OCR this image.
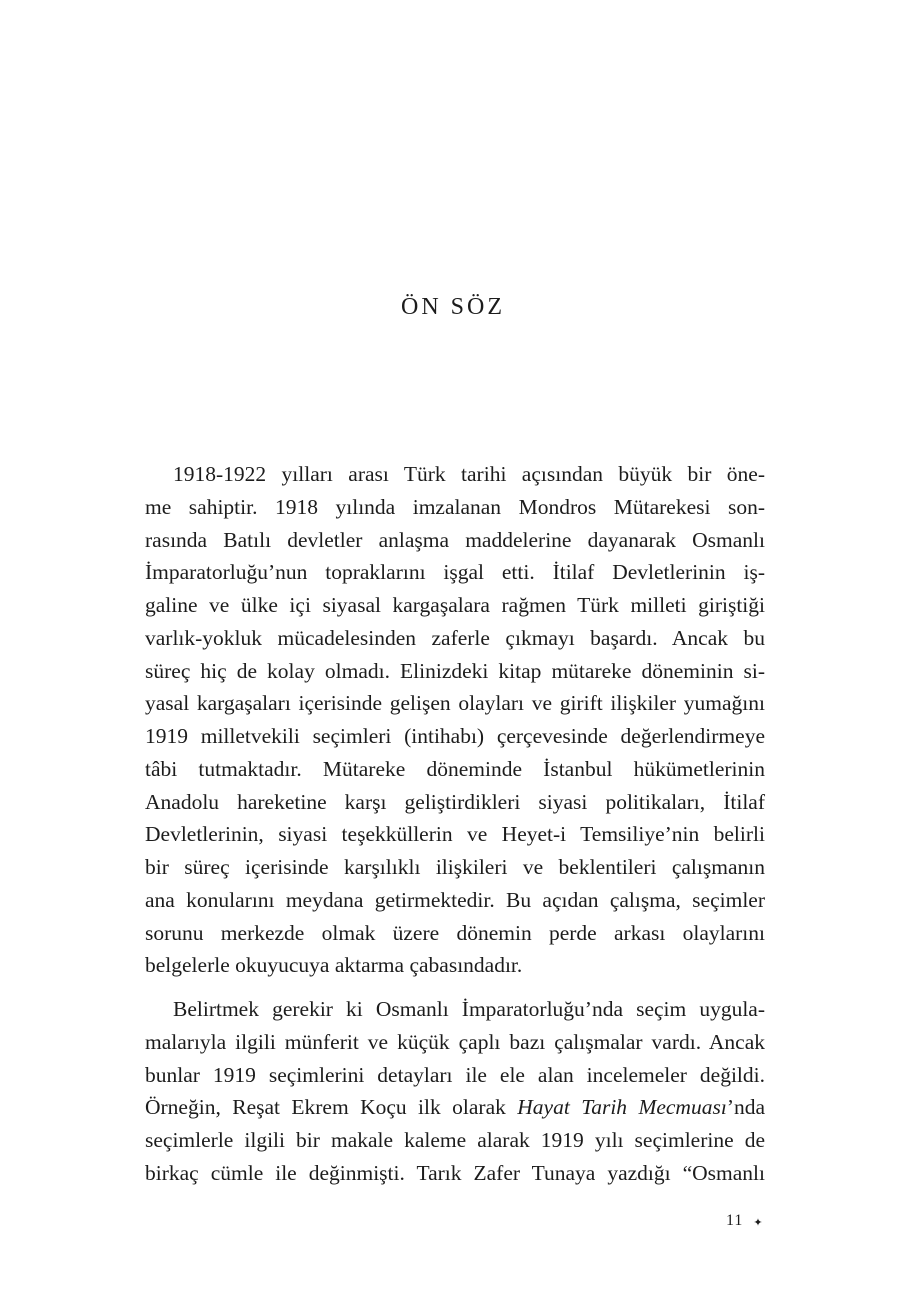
ÖN SÖZ

1918-1922 yılları arası Türk tarihi açısından büyük bir öne-
me sahiptir. 1918 yılında imzalanan Mondros Mütarekesi son-
rasında Batılı devletler anlaşma maddelerine dayanarak Osmanlı
İmparatorluğu’nun topraklarını işgal etti. İtilaf Devletlerinin iş-
galine ve ülke içi siyasal kargaşalara rağmen Türk milleti giriştiği
varlık-yokluk mücadelesinden zaferle çıkmayı başardı. Ancak bu
süreç hiç de kolay olmadı. Elinizdeki kitap mütareke döneminin si-
yasal kargaşaları içerisinde gelişen olayları ve girift ilişkiler yumağını
1919 milletvekili seçimleri (intihabı) çerçevesinde değerlendirmeye
tâbi tutmaktadır. Mütareke döneminde İstanbul hükümetlerinin
Anadolu hareketine karşı geliştirdikleri siyasi politikaları, İtilaf
Devletlerinin, siyasi teşekküllerin ve Heyet-i Temsiliye’nin belirli
bir süreç içerisinde karşılıklı ilişkileri ve beklentileri çalışmanın
ana konularını meydana getirmektedir. Bu açıdan çalışma, seçimler
sorunu merkezde olmak üzere dönemin perde arkası olaylarını
belgelerle okuyucuya aktarma çabasındadır.

Belirtmek gerekir ki Osmanlı İmparatorluğu’nda seçim uygula-
malarıyla ilgili münferit ve küçük çaplı bazı çalışmalar vardı. Ancak
bunlar 1919 seçimlerini detayları ile ele alan incelemeler değildi.
Örneğin, Reşat Ekrem Koçu ilk olarak Hayat Tarih Mecmuası’nda
seçimlerle ilgili bir makale kaleme alarak 1919 yılı seçimlerine de
birkaç cümle ile değinmişti. Tarık Zafer Tunaya yazdığı “Osmanlı

11 ✦
